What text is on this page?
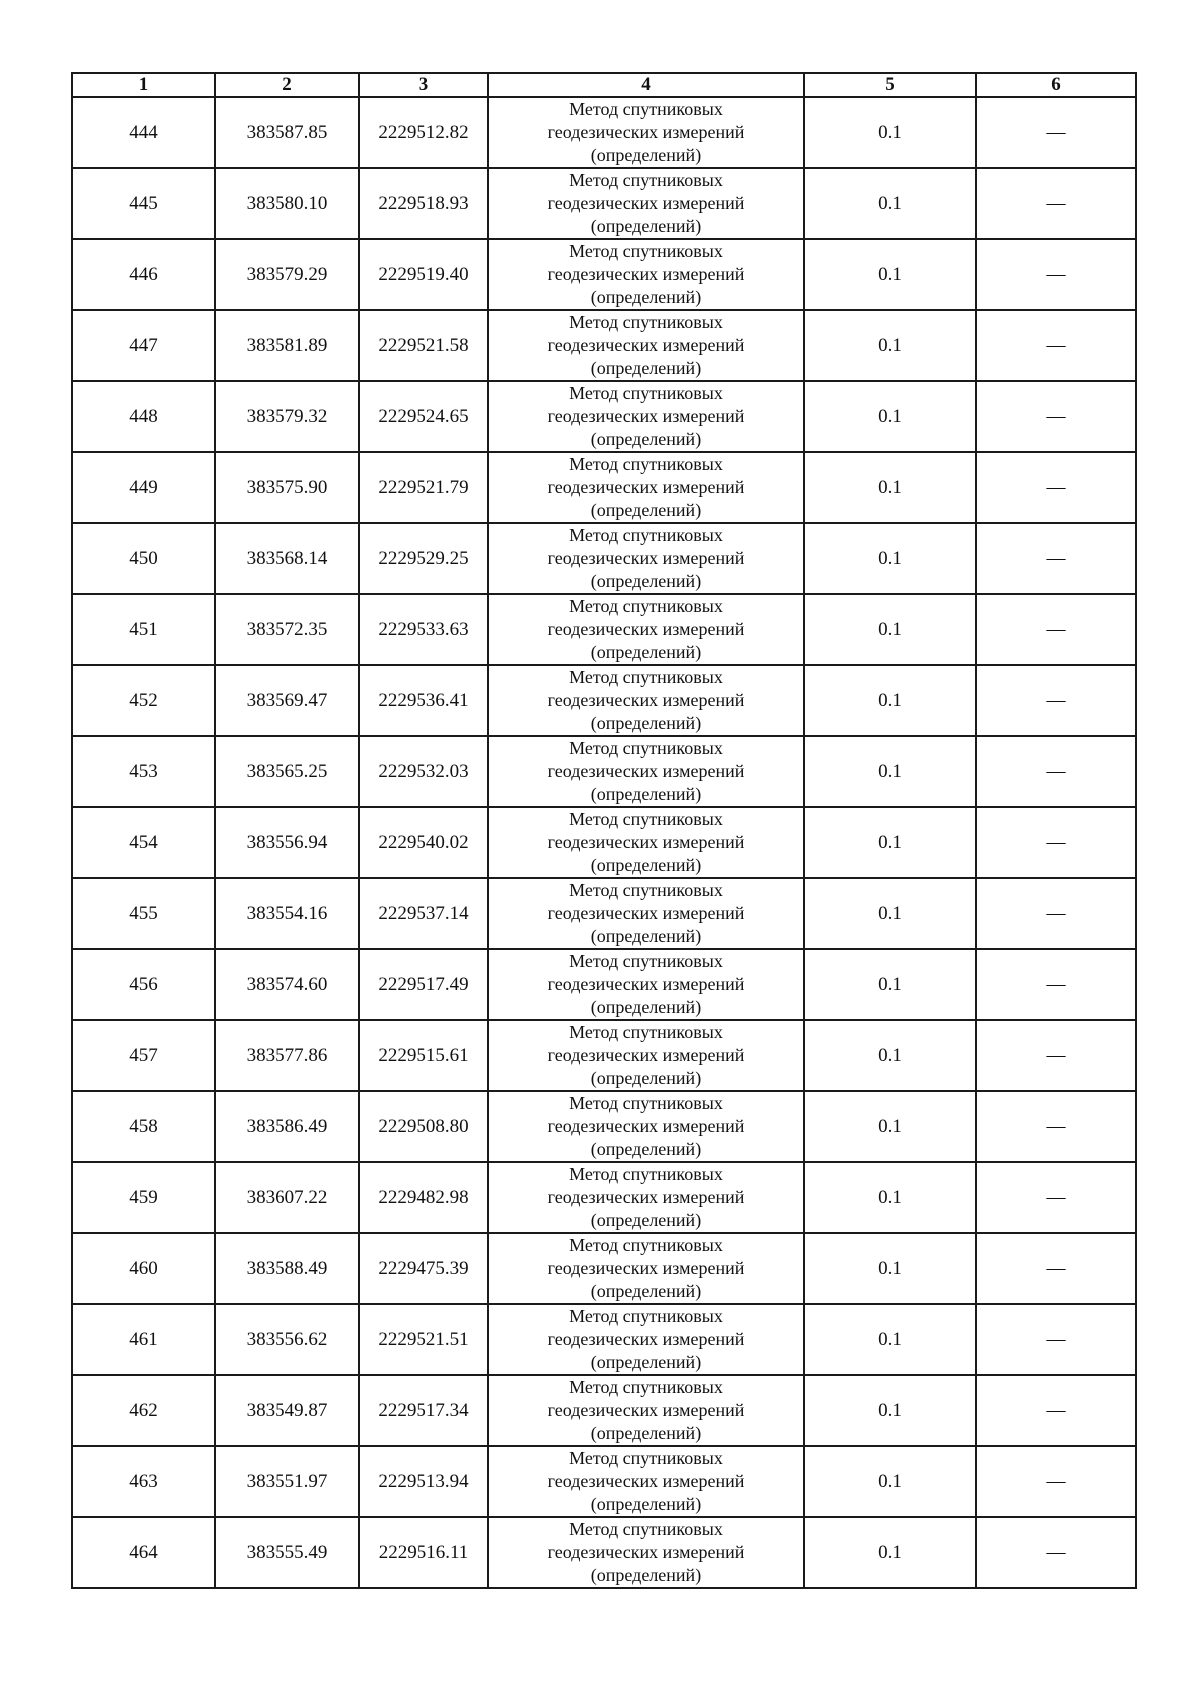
1	2	3	4	5	6
444	383587.85	2229512.82	Метод спутниковых
геодезических измерений
(определений)	0.1	—
445	383580.10	2229518.93	Метод спутниковых
геодезических измерений
(определений)	0.1	—
446	383579.29	2229519.40	Метод спутниковых
геодезических измерений
(определений)	0.1	—
447	383581.89	2229521.58	Метод спутниковых
геодезических измерений
(определений)	0.1	—
448	383579.32	2229524.65	Метод спутниковых
геодезических измерений
(определений)	0.1	—
449	383575.90	2229521.79	Метод спутниковых
геодезических измерений
(определений)	0.1	—
450	383568.14	2229529.25	Метод спутниковых
геодезических измерений
(определений)	0.1	—
451	383572.35	2229533.63	Метод спутниковых
геодезических измерений
(определений)	0.1	—
452	383569.47	2229536.41	Метод спутниковых
геодезических измерений
(определений)	0.1	—
453	383565.25	2229532.03	Метод спутниковых
геодезических измерений
(определений)	0.1	—
454	383556.94	2229540.02	Метод спутниковых
геодезических измерений
(определений)	0.1	—
455	383554.16	2229537.14	Метод спутниковых
геодезических измерений
(определений)	0.1	—
456	383574.60	2229517.49	Метод спутниковых
геодезических измерений
(определений)	0.1	—
457	383577.86	2229515.61	Метод спутниковых
геодезических измерений
(определений)	0.1	—
458	383586.49	2229508.80	Метод спутниковых
геодезических измерений
(определений)	0.1	—
459	383607.22	2229482.98	Метод спутниковых
геодезических измерений
(определений)	0.1	—
460	383588.49	2229475.39	Метод спутниковых
геодезических измерений
(определений)	0.1	—
461	383556.62	2229521.51	Метод спутниковых
геодезических измерений
(определений)	0.1	—
462	383549.87	2229517.34	Метод спутниковых
геодезических измерений
(определений)	0.1	—
463	383551.97	2229513.94	Метод спутниковых
геодезических измерений
(определений)	0.1	—
464	383555.49	2229516.11	Метод спутниковых
геодезических измерений
(определений)	0.1	—
